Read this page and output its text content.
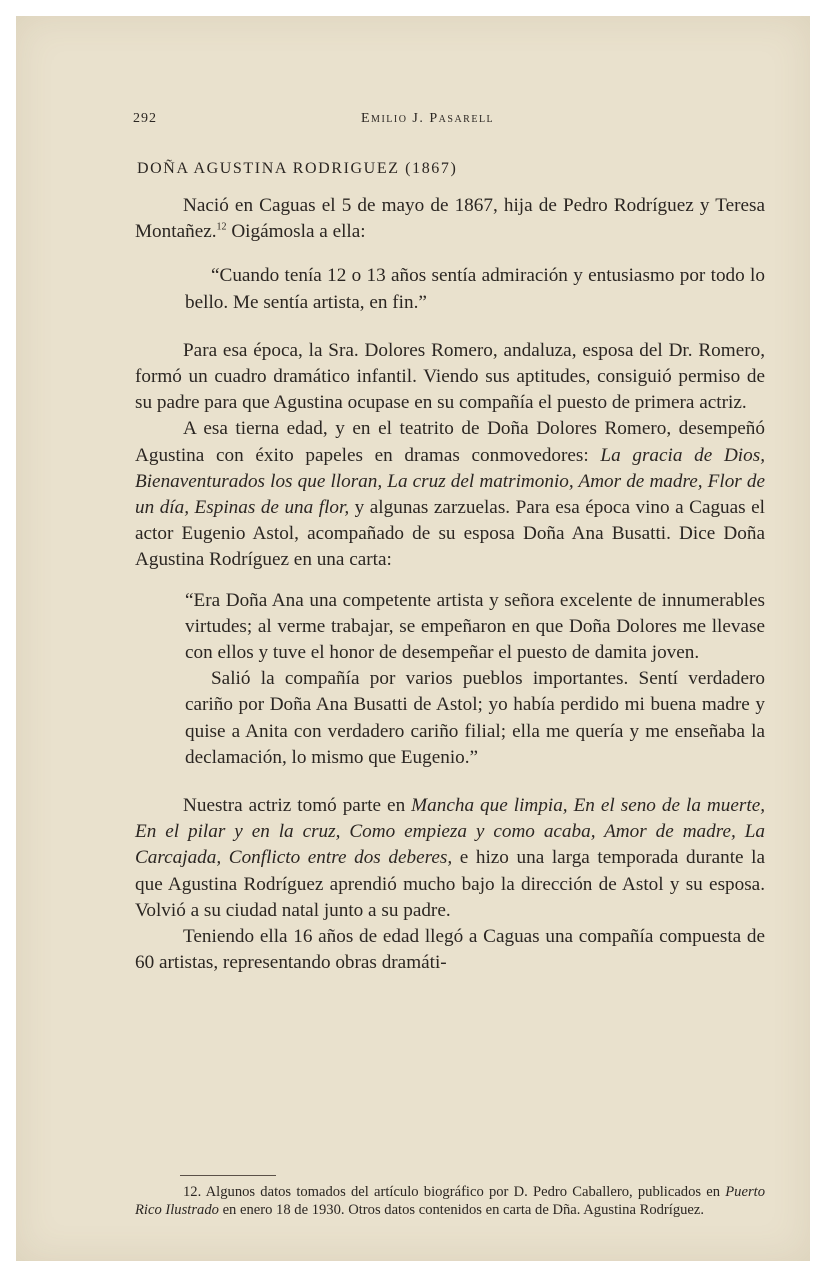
292	Emilio J. Pasarell
DOÑA AGUSTINA RODRIGUEZ (1867)

Nació en Caguas el 5 de mayo de 1867, hija de Pedro Rodríguez y Teresa Montañez.$^{12}$ Oigámosla a ella:

“Cuando tenía 12 o 13 años sentía admiración y entusiasmo por todo lo bello. Me sentía artista, en fin.”

Para esa época, la Sra. Dolores Romero, andaluza, esposa del Dr. Romero, formó un cuadro dramático infantil. Viendo sus aptitudes, consiguió permiso de su padre para que Agustina ocupase en su compañía el puesto de primera actriz.

A esa tierna edad, y en el teatrito de Doña Dolores Romero, desempeñó Agustina con éxito papeles en dramas conmovedores: La gracia de Dios, Bienaventurados los que lloran, La cruz del matrimonio, Amor de madre, Flor de un día, Espinas de una flor, y algunas zarzuelas. Para esa época vino a Caguas el actor Eugenio Astol, acompañado de su esposa Doña Ana Busatti. Dice Doña Agustina Rodríguez en una carta:

“Era Doña Ana una competente artista y señora excelente de innumerables virtudes; al verme trabajar, se empeñaron en que Doña Dolores me llevase con ellos y tuve el honor de desempeñar el puesto de damita joven.

Salió la compañía por varios pueblos importantes. Sentí verdadero cariño por Doña Ana Busatti de Astol; yo había perdido mi buena madre y quise a Anita con verdadero cariño filial; ella me quería y me enseñaba la declamación, lo mismo que Eugenio.”

Nuestra actriz tomó parte en Mancha que limpia, En el seno de la muerte, En el pilar y en la cruz, Como empieza y como acaba, Amor de madre, La Carcajada, Conflicto entre dos deberes, e hizo una larga temporada durante la que Agustina Rodríguez aprendió mucho bajo la dirección de Astol y su esposa. Volvió a su ciudad natal junto a su padre.

Teniendo ella 16 años de edad llegó a Caguas una compañía compuesta de 60 artistas, representando obras dramáti-

12. Algunos datos tomados del artículo biográfico por D. Pedro Caballero, publicados en Puerto Rico Ilustrado en enero 18 de 1930. Otros datos contenidos en carta de Dña. Agustina Rodríguez.
